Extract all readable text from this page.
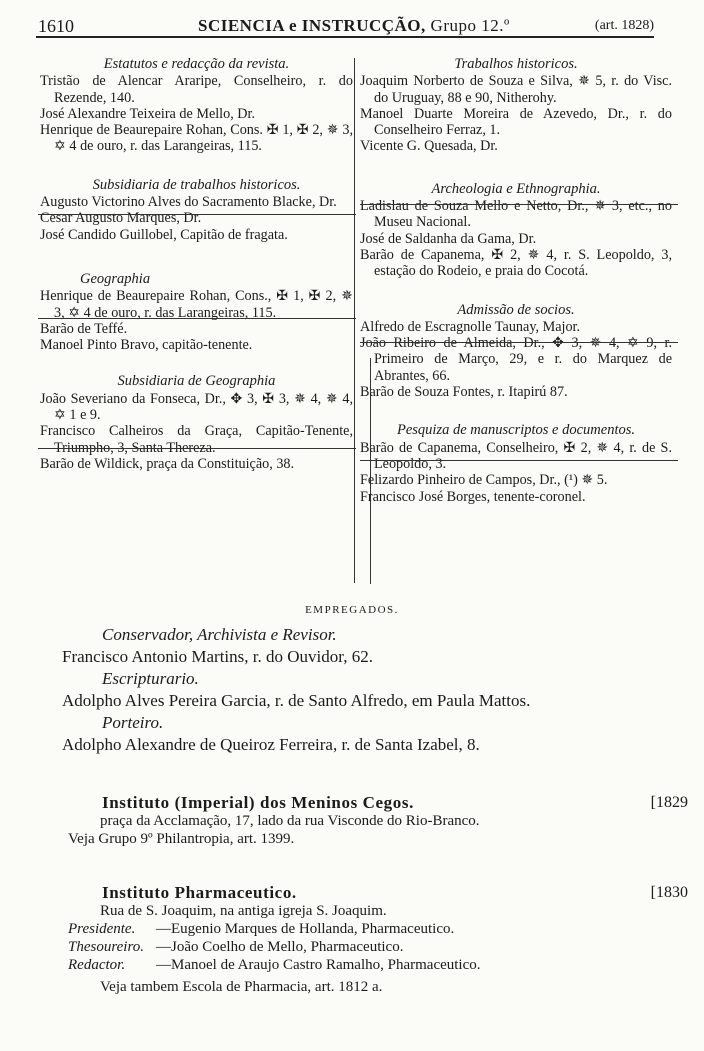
1610	SCIENCIA e INSTRUCÇÃO, Grupo 12.º	(art. 1828)
Estatutos e redacção da revista.
Tristão de Alencar Araripe, Conselheiro, r. do Rezende, 140.
José Alexandre Teixeira de Mello, Dr.
Henrique de Beaurepaire Rohan, Cons. ✠ 1, ✠ 2, ✵ 3, ✡ 4 de ouro, r. das Larangeiras, 115.
Subsidiaria de trabalhos historicos.
Augusto Victorino Alves do Sacramento Blacke, Dr.
Cesar Augusto Marques, Dr.
José Candido Guillobel, Capitão de fragata.
Geographia
Henrique de Beaurepaire Rohan, Cons., ✠ 1, ✠ 2, ✵ 3, ✡ 4 de ouro, r. das Larangeiras, 115.
Barão de Teffé.
Manoel Pinto Bravo, capitão-tenente.
Subsidiaria de Geographia
João Severiano da Fonseca, Dr., ✥ 3, ✠ 3, ✵ 4, ✵ 4, ✡ 1 e 9.
Francisco Calheiros da Graça, Capitão-Tenente, Triumpho, 3, Santa Thereza.
Barão de Wildick, praça da Constituição, 38.
Trabalhos historicos.
Joaquim Norberto de Souza e Silva, ✵ 5, r. do Visc. do Uruguay, 88 e 90, Nitherohy.
Manoel Duarte Moreira de Azevedo, Dr., r. do Conselheiro Ferraz, 1.
Vicente G. Quesada, Dr.
Archeologia e Ethnographia.
Ladislau de Souza Mello e Netto, Dr., ✵ 3, etc., no Museu Nacional.
José de Saldanha da Gama, Dr.
Barão de Capanema, ✠ 2, ✵ 4, r. S. Leopoldo, 3, estação do Rodeio, e praia do Cocotá.
Admissão de socios.
Alfredo de Escragnolle Taunay, Major.
João Ribeiro de Almeida, Dr., ✥ 3, ✵ 4, ✡ 9, r. Primeiro de Março, 29, e r. do Marquez de Abrantes, 66.
Barão de Souza Fontes, r. Itapirú 87.
Pesquiza de manuscriptos e documentos.
Barão de Capanema, Conselheiro, ✠ 2, ✵ 4, r. de S. Leopoldo, 3.
Felizardo Pinheiro de Campos, Dr., (¹) ✵ 5.
Francisco José Borges, tenente-coronel.
EMPREGADOS.
Conservador, Archivista e Revisor.
Francisco Antonio Martins, r. do Ouvidor, 62.
Escripturario.
Adolpho Alves Pereira Garcia, r. de Santo Alfredo, em Paula Mattos.
Porteiro.
Adolpho Alexandre de Queiroz Ferreira, r. de Santa Izabel, 8.
Instituto (Imperial) dos Meninos Cegos.	[1829
praça da Acclamação, 17, lado da rua Visconde do Rio-Branco.
Veja Grupo 9º Philantropia, art. 1399.
Instituto Pharmaceutico.	[1830
Rua de S. Joaquim, na antiga igreja S. Joaquim.
Presidente.	—Eugenio Marques de Hollanda, Pharmaceutico.
Thesoureiro. —João Coelho de Mello, Pharmaceutico.
Redactor.	—Manoel de Araujo Castro Ramalho, Pharmaceutico.
Veja tambem Escola de Pharmacia, art. 1812 a.
